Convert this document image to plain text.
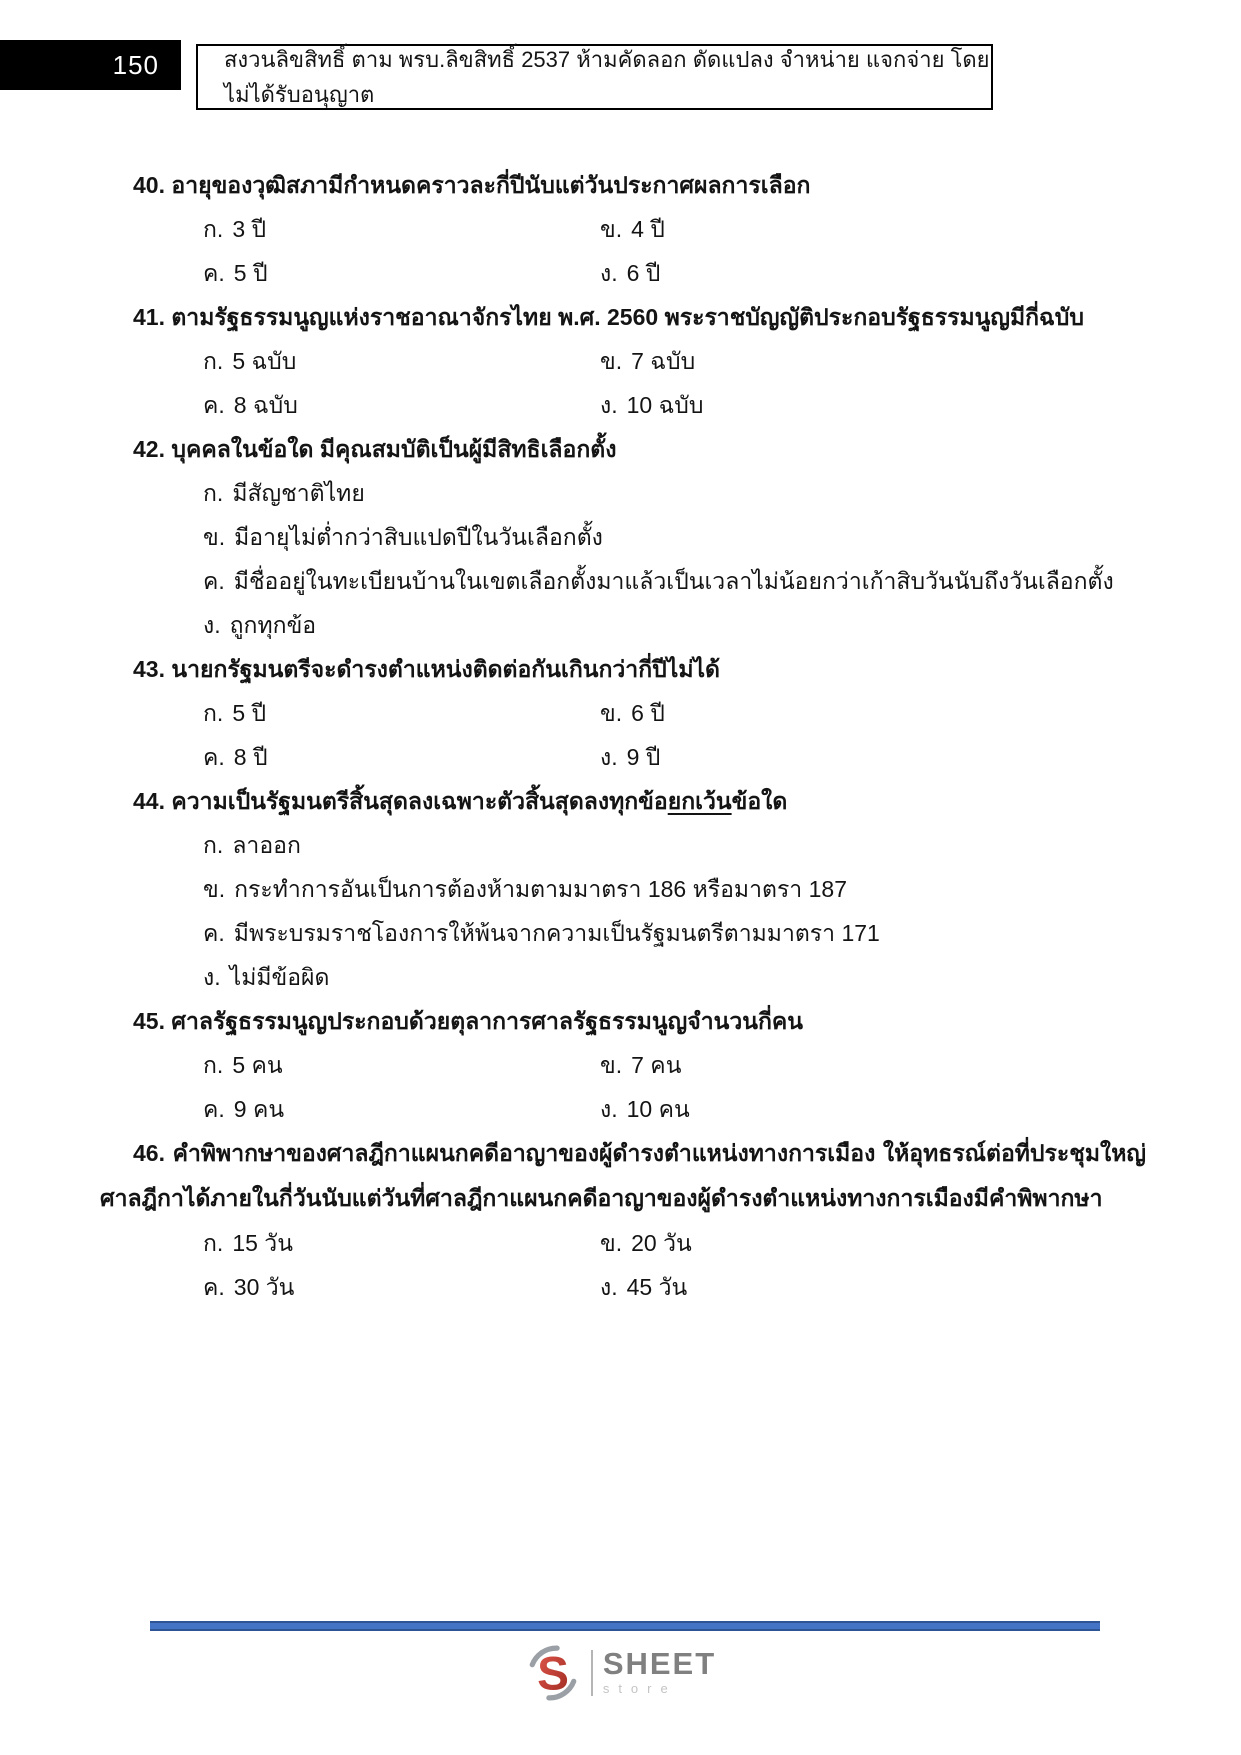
150	สงวนลิขสิทธิ์ ตาม พรบ.ลิขสิทธิ์ 2537 ห้ามคัดลอก ดัดแปลง จำหน่าย แจกจ่าย โดยไม่ได้รับอนุญาต

40. อายุของวุฒิสภามีกำหนดคราวละกี่ปีนับแต่วันประกาศผลการเลือก

ก. 3 ปี	ข. 4 ปี
ค. 5 ปี	ง. 6 ปี

41. ตามรัฐธรรมนูญแห่งราชอาณาจักรไทย พ.ศ. 2560 พระราชบัญญัติประกอบรัฐธรรมนูญมีกี่ฉบับ

ก. 5 ฉบับ	ข. 7 ฉบับ
ค. 8 ฉบับ	ง. 10 ฉบับ

42. บุคคลในข้อใด มีคุณสมบัติเป็นผู้มีสิทธิเลือกตั้ง

ก. มีสัญชาติไทย
ข. มีอายุไม่ต่ำกว่าสิบแปดปีในวันเลือกตั้ง
ค. มีชื่ออยู่ในทะเบียนบ้านในเขตเลือกตั้งมาแล้วเป็นเวลาไม่น้อยกว่าเก้าสิบวันนับถึงวันเลือกตั้ง
ง. ถูกทุกข้อ

43. นายกรัฐมนตรีจะดำรงตำแหน่งติดต่อกันเกินกว่ากี่ปีไม่ได้

ก. 5 ปี	ข. 6 ปี
ค. 8 ปี	ง. 9 ปี

44. ความเป็นรัฐมนตรีสิ้นสุดลงเฉพาะตัวสิ้นสุดลงทุกข้อยกเว้นข้อใด

ก. ลาออก
ข. กระทำการอันเป็นการต้องห้ามตามมาตรา 186 หรือมาตรา 187
ค. มีพระบรมราชโองการให้พ้นจากความเป็นรัฐมนตรีตามมาตรา 171
ง. ไม่มีข้อผิด

45. ศาลรัฐธรรมนูญประกอบด้วยตุลาการศาลรัฐธรรมนูญจำนวนกี่คน

ก. 5 คน	ข. 7 คน
ค. 9 คน	ง. 10 คน

46. คำพิพากษาของศาลฎีกาแผนกคดีอาญาของผู้ดำรงตำแหน่งทางการเมือง ให้อุทธรณ์ต่อที่ประชุมใหญ่ ศาลฎีกาได้ภายในกี่วันนับแต่วันที่ศาลฎีกาแผนกคดีอาญาของผู้ดำรงตำแหน่งทางการเมืองมีคำพิพากษา

ก. 15 วัน	ข. 20 วัน
ค. 30 วัน	ง. 45 วัน
S SHEET
store
